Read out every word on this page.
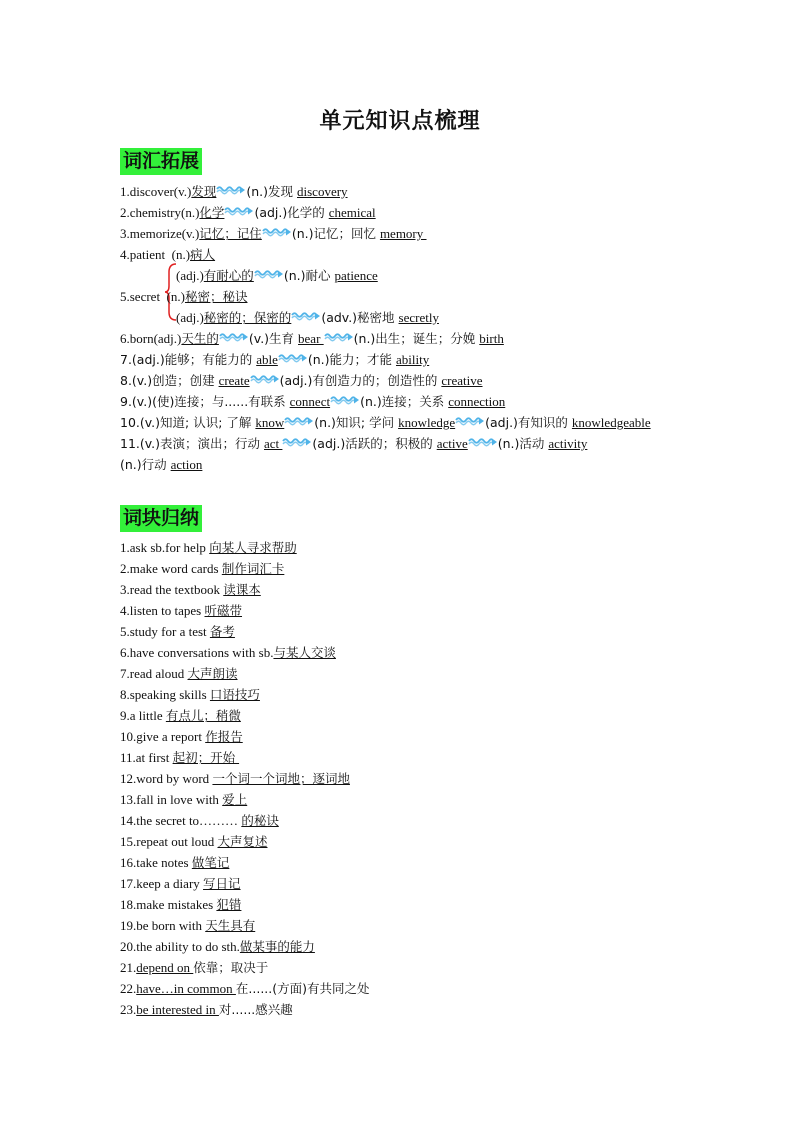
单元知识点梳理
词汇拓展
1.discover(v.)发现 (n.)发现 discovery
2.chemistry(n.)化学 (adj.)化学的 chemical
3.memorize(v.)记忆；记住 (n.)记忆；回忆 memory
4.patient  (n.)病人
(adj.)有耐心的 (n.)耐心 patience
5.secret  (n.)秘密；秘诀
(adj.)秘密的；保密的 (adv.)秘密地 secretly
6.born(adj.)天生的 (v.)生育 bear
(n.)出生；诞生；分娩 birth
7.(adj.)能够；有能力的 able (n.)能力；才能 ability
8.(v.)创造；创建 create (adj.)有创造力的；创造性的 creative
9.(v.)(使)连接；与......有联系 connect (n.)连接；关系 connection
10.(v.)知道; 认识; 了解 know (n.)知识; 学问 knowledge (adj.)有知识的 knowledgeable
11.(v.)表演；演出；行动 act
(adj.)活跃的；积极的 active (n.)活动 activity
(n.)行动 action
词块归纳
1.ask sb.for help 向某人寻求帮助
2.make word cards 制作词汇卡
3.read the textbook 读课本
4.listen to tapes 听磁带
5.study for a test 备考
6.have conversations with sb.与某人交谈
7.read aloud 大声朗读
8.speaking skills 口语技巧
9.a little 有点儿；稍微
10.give a report 作报告
11.at first 起初；开始
12.word by word 一个词一个词地；逐词地
13.fall in love with 爱上
14.the secret to……… 的秘诀
15.repeat out loud 大声复述
16.take notes 做笔记
17.keep a diary 写日记
18.make mistakes 犯错
19.be born with 天生具有
20.the ability to do sth.做某事的能力
21.depend on 依靠；取决于
22.have…in common 在......(方面)有共同之处
23.be interested in 对......感兴趣
